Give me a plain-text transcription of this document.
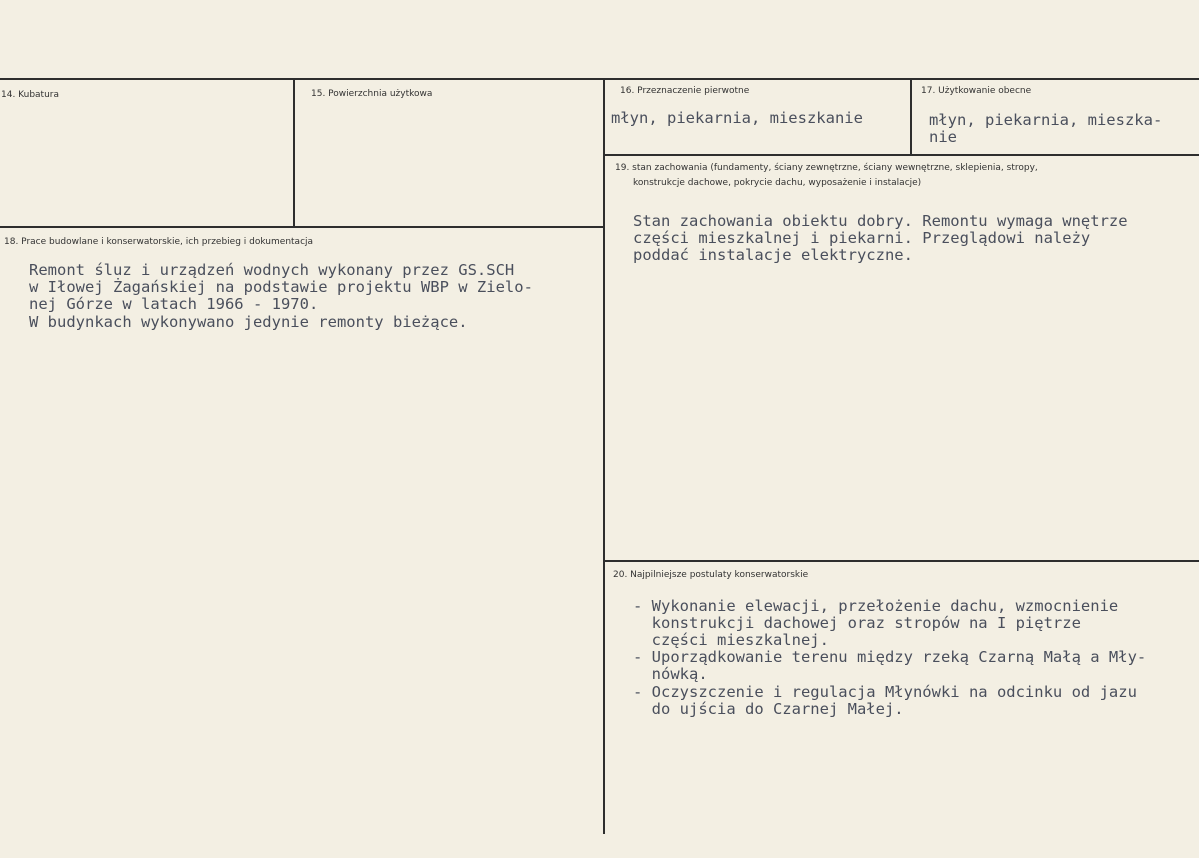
14. Kubatura	15. Powierzchnia użytkowa	16. Przeznaczenie pierwotne
młyn, piekarnia, mieszkanie
17. Użytkowanie obecne
młyn, piekarnia, mieszka-
nie
18. Prace budowlane i konserwatorskie, ich przebieg i dokumentacja
Remont śluz i urządzeń wodnych wykonany przez GS.SCH
w Iłowej Żagańskiej na podstawie projektu WBP w Zielo-
nej Górze w latach 1966 - 1970.
W budynkach wykonywano jedynie remonty bieżące.
19. stan zachowania (fundamenty, ściany zewnętrzne, ściany wewnętrzne, sklepienia, stropy,
konstrukcje dachowe, pokrycie dachu, wyposażenie i instalacje)
Stan zachowania obiektu dobry. Remontu wymaga wnętrze
części mieszkalnej i piekarni. Przeglądowi należy
poddać instalacje elektryczne.
20. Najpilniejsze postulaty konserwatorskie
- Wykonanie elewacji, przełożenie dachu, wzmocnienie
konstrukcji dachowej oraz stropów na I piętrze
części mieszkalnej.
- Uporządkowanie terenu między rzeką Czarną Małą a Mły-
nówką.
- Oczyszczenie i regulacja Młynówki na odcinku od jazu
do ujścia do Czarnej Małej.
